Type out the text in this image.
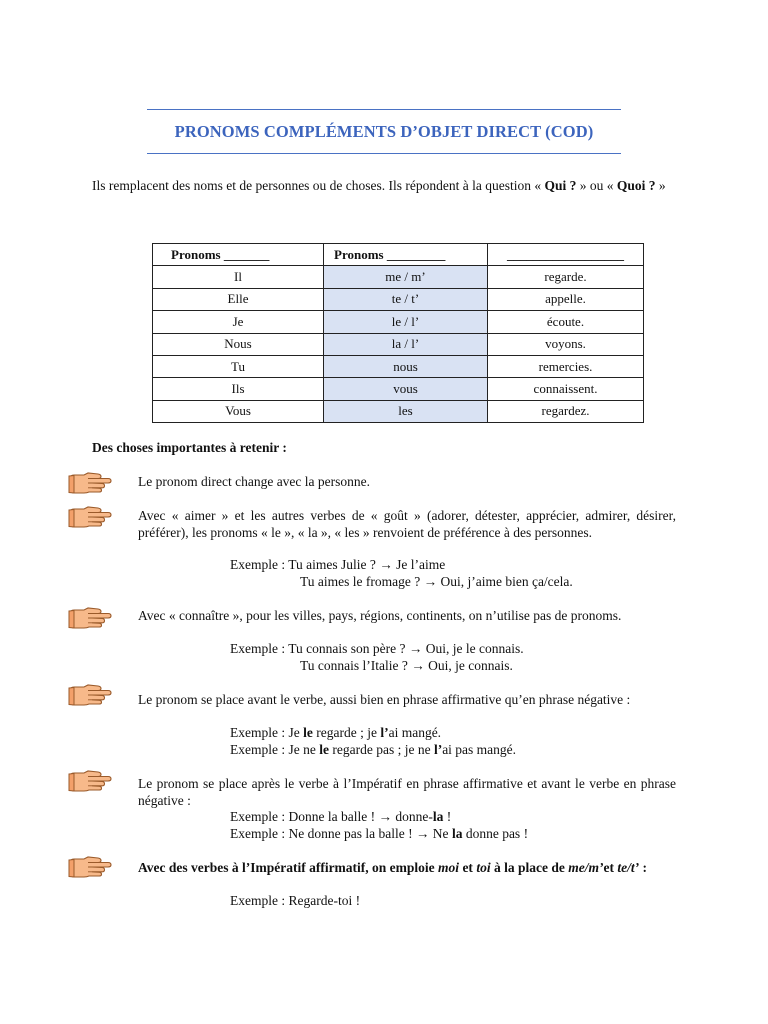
PRONOMS COMPLÉMENTS D’OBJET DIRECT (COD)
Ils remplacent des noms et de personnes ou de choses. Ils répondent à la question « Qui ? » ou « Quoi ? »
Pronoms _______	Pronoms _________	__________________
Il	me / m’	regarde.
Elle	te / t’	appelle.
Je	le / l’	écoute.
Nous	la / l’	voyons.
Tu	nous	remercies.
Ils	vous	connaissent.
Vous	les	regardez.
Des choses importantes à retenir :
Le pronom direct change avec la personne.
Avec « aimer » et les autres verbes de « goût » (adorer, détester, apprécier, admirer, désirer, préférer), les pronoms « le », « la », « les » renvoient de préférence à des personnes.
Exemple : Tu aimes Julie ? → Je l’aime
Tu aimes le fromage ? → Oui, j’aime bien ça/cela.
Avec « connaître », pour les villes, pays, régions, continents, on n’utilise pas de pronoms.
Exemple : Tu connais son père ? → Oui, je le connais.
Tu connais l’Italie ? → Oui, je connais.
Le pronom se place avant le verbe, aussi bien en phrase affirmative qu’en phrase négative :
Exemple : Je le regarde ; je l’ai mangé.
Exemple : Je ne le regarde pas ; je ne l’ai pas mangé.
Le pronom se place après le verbe à l’Impératif en phrase affirmative et avant le verbe en phrase négative :
Exemple : Donne la balle ! → donne-la !
Exemple : Ne donne pas la balle ! → Ne la donne pas !
Avec des verbes à l’Impératif affirmatif, on emploie moi et toi à la place de me/m’et te/t’ :
Exemple : Regarde-toi !
